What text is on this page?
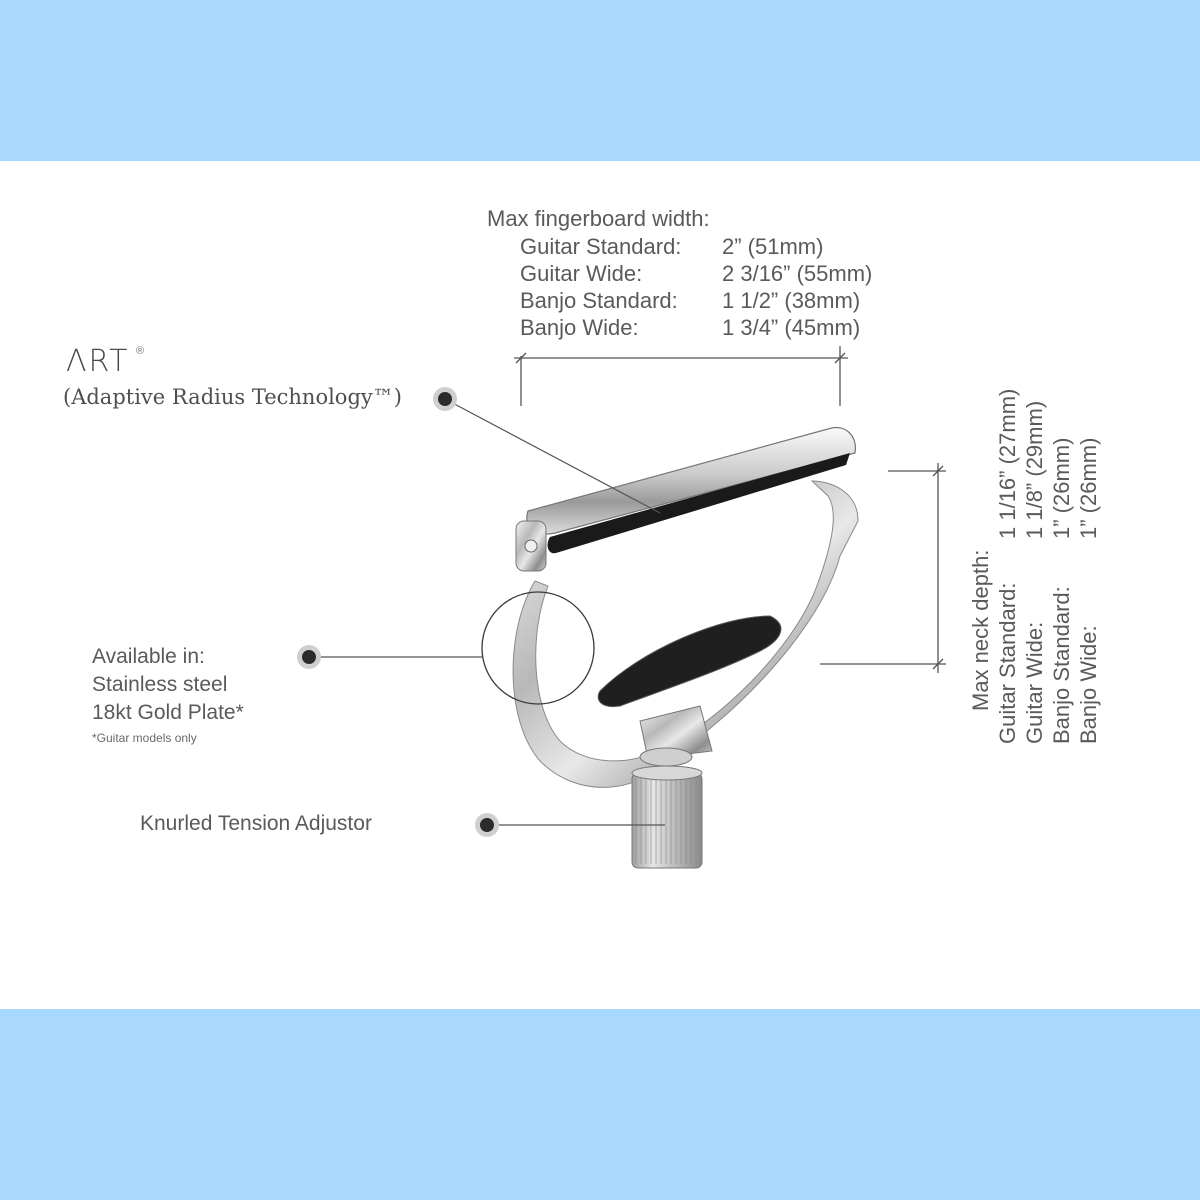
Max fingerboard width:
Guitar Standard: 2” (51mm)
Guitar Wide:	2 3/16” (55mm)
Banjo Standard: 1 1/2” (38mm)
Banjo Wide:	1 3/4” (45mm)
ΛRT ®
(Adaptive Radius Technology™)
Available in:
Stainless steel
18kt Gold Plate*
*Guitar models only
Knurled Tension Adjustor
Max neck depth: Guitar Standard:
1 1/16” (27mm)
Guitar Wide:
1 1/8” (29mm)
Banjo Standard:
1” (26mm)
Banjo Wide:
1” (26mm)
